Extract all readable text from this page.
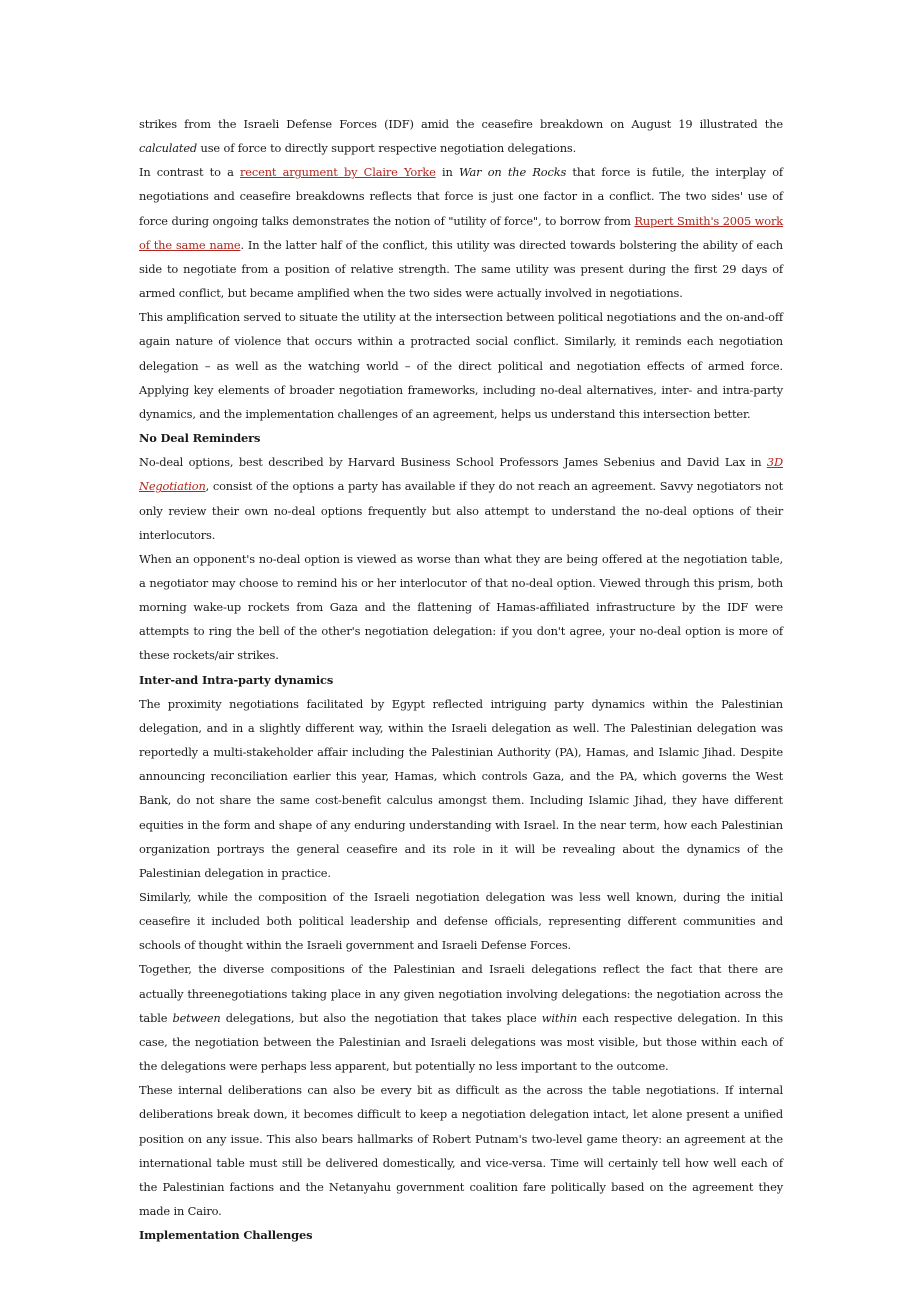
strikes from the Israeli Defense Forces (IDF) amid the ceasefire breakdown on August 19 illustrated the calculated use of force to directly support respective negotiation delegations.

In contrast to a recent argument by Claire Yorke in War on the Rocks that force is futile, the interplay of negotiations and ceasefire breakdowns reflects that force is just one factor in a conflict. The two sides' use of force during ongoing talks demonstrates the notion of "utility of force", to borrow from Rupert Smith's 2005 work of the same name. In the latter half of the conflict, this utility was directed towards bolstering the ability of each side to negotiate from a position of relative strength. The same utility was present during the first 29 days of armed conflict, but became amplified when the two sides were actually involved in negotiations.

This amplification served to situate the utility at the intersection between political negotiations and the on-and-off again nature of violence that occurs within a protracted social conflict. Similarly, it reminds each negotiation delegation – as well as the watching world – of the direct political and negotiation effects of armed force. Applying key elements of broader negotiation frameworks, including no-deal alternatives, inter- and intra-party dynamics, and the implementation challenges of an agreement, helps us understand this intersection better.

No Deal Reminders

No-deal options, best described by Harvard Business School Professors James Sebenius and David Lax in 3D Negotiation, consist of the options a party has available if they do not reach an agreement. Savvy negotiators not only review their own no-deal options frequently but also attempt to understand the no-deal options of their interlocutors.

When an opponent's no-deal option is viewed as worse than what they are being offered at the negotiation table, a negotiator may choose to remind his or her interlocutor of that no-deal option. Viewed through this prism, both morning wake-up rockets from Gaza and the flattening of Hamas-affiliated infrastructure by the IDF were attempts to ring the bell of the other's negotiation delegation: if you don't agree, your no-deal option is more of these rockets/air strikes.

Inter-and Intra-party dynamics

The proximity negotiations facilitated by Egypt reflected intriguing party dynamics within the Palestinian delegation, and in a slightly different way, within the Israeli delegation as well. The Palestinian delegation was reportedly a multi-stakeholder affair including the Palestinian Authority (PA), Hamas, and Islamic Jihad. Despite announcing reconciliation earlier this year, Hamas, which controls Gaza, and the PA, which governs the West Bank, do not share the same cost-benefit calculus amongst them. Including Islamic Jihad, they have different equities in the form and shape of any enduring understanding with Israel. In the near term, how each Palestinian organization portrays the general ceasefire and its role in it will be revealing about the dynamics of the Palestinian delegation in practice.

Similarly, while the composition of the Israeli negotiation delegation was less well known, during the initial ceasefire it included both political leadership and defense officials, representing different communities and schools of thought within the Israeli government and Israeli Defense Forces.

Together, the diverse compositions of the Palestinian and Israeli delegations reflect the fact that there are actually threenegotiations taking place in any given negotiation involving delegations: the negotiation across the table between delegations, but also the negotiation that takes place within each respective delegation. In this case, the negotiation between the Palestinian and Israeli delegations was most visible, but those within each of the delegations were perhaps less apparent, but potentially no less important to the outcome.

These internal deliberations can also be every bit as difficult as the across the table negotiations. If internal deliberations break down, it becomes difficult to keep a negotiation delegation intact, let alone present a unified position on any issue. This also bears hallmarks of Robert Putnam's two-level game theory: an agreement at the international table must still be delivered domestically, and vice-versa. Time will certainly tell how well each of the Palestinian factions and the Netanyahu government coalition fare politically based on the agreement they made in Cairo.

Implementation Challenges
